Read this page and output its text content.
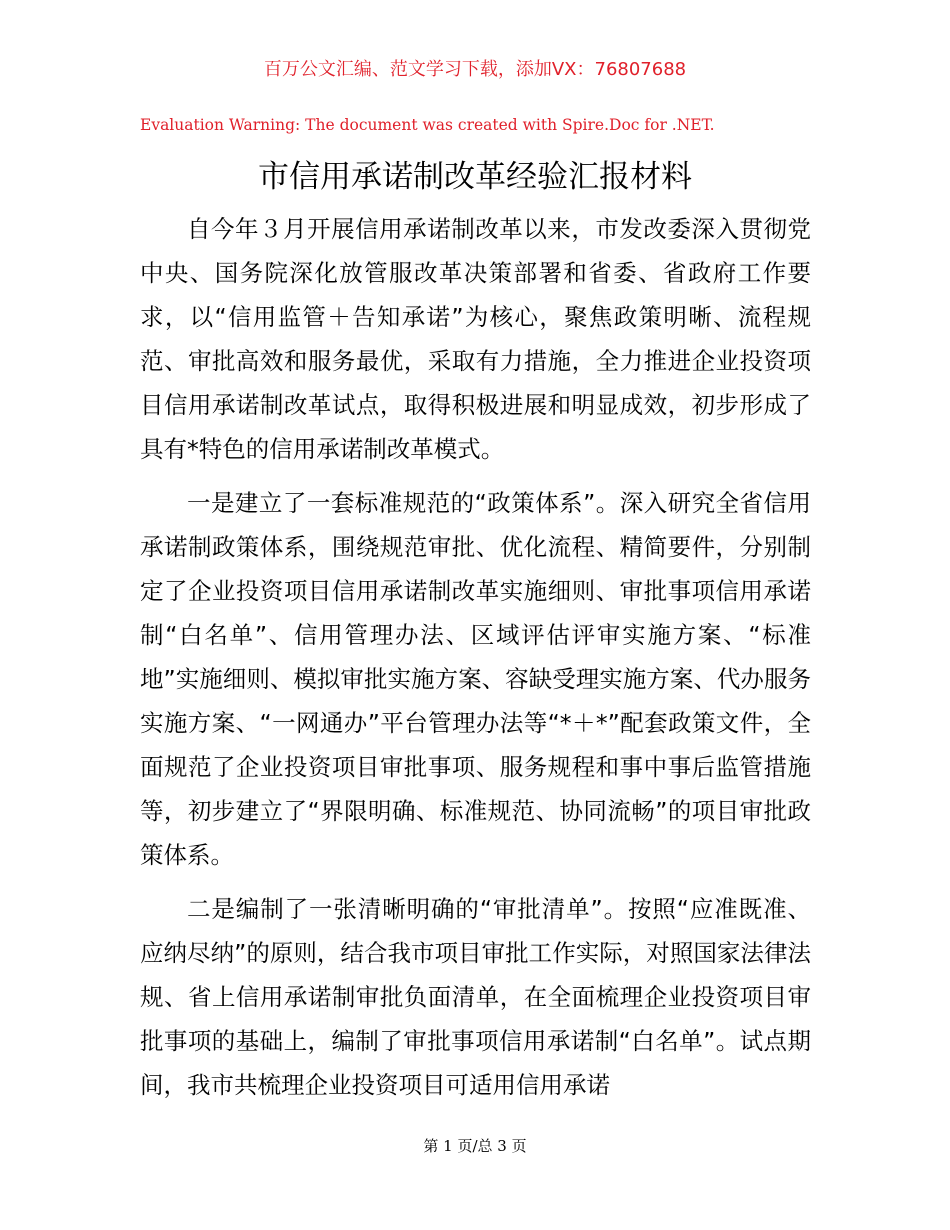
百万公文汇编、范文学习下载，添加VX：76807688
Evaluation Warning: The document was created with Spire.Doc for .NET.
市信用承诺制改革经验汇报材料

自今年３月开展信用承诺制改革以来，市发改委深入贯彻党中央、国务院深化放管服改革决策部署和省委、省政府工作要求，以“信用监管＋告知承诺”为核心，聚焦政策明晰、流程规范、审批高效和服务最优，采取有力措施，全力推进企业投资项目信用承诺制改革试点，取得积极进展和明显成效，初步形成了具有*特色的信用承诺制改革模式。

一是建立了一套标准规范的“政策体系”。深入研究全省信用承诺制政策体系，围绕规范审批、优化流程、精简要件，分别制定了企业投资项目信用承诺制改革实施细则、审批事项信用承诺制“白名单”、信用管理办法、区域评估评审实施方案、“标准地”实施细则、模拟审批实施方案、容缺受理实施方案、代办服务实施方案、“一网通办”平台管理办法等“*＋*”配套政策文件，全面规范了企业投资项目审批事项、服务规程和事中事后监管措施等，初步建立了“界限明确、标准规范、协同流畅”的项目审批政策体系。

二是编制了一张清晰明确的“审批清单”。按照“应准既准、应纳尽纳”的原则，结合我市项目审批工作实际，对照国家法律法规、省上信用承诺制审批负面清单，在全面梳理企业投资项目审批事项的基础上，编制了审批事项信用承诺制“白名单”。试点期间，我市共梳理企业投资项目可适用信用承诺

第 1 页/总 3 页
